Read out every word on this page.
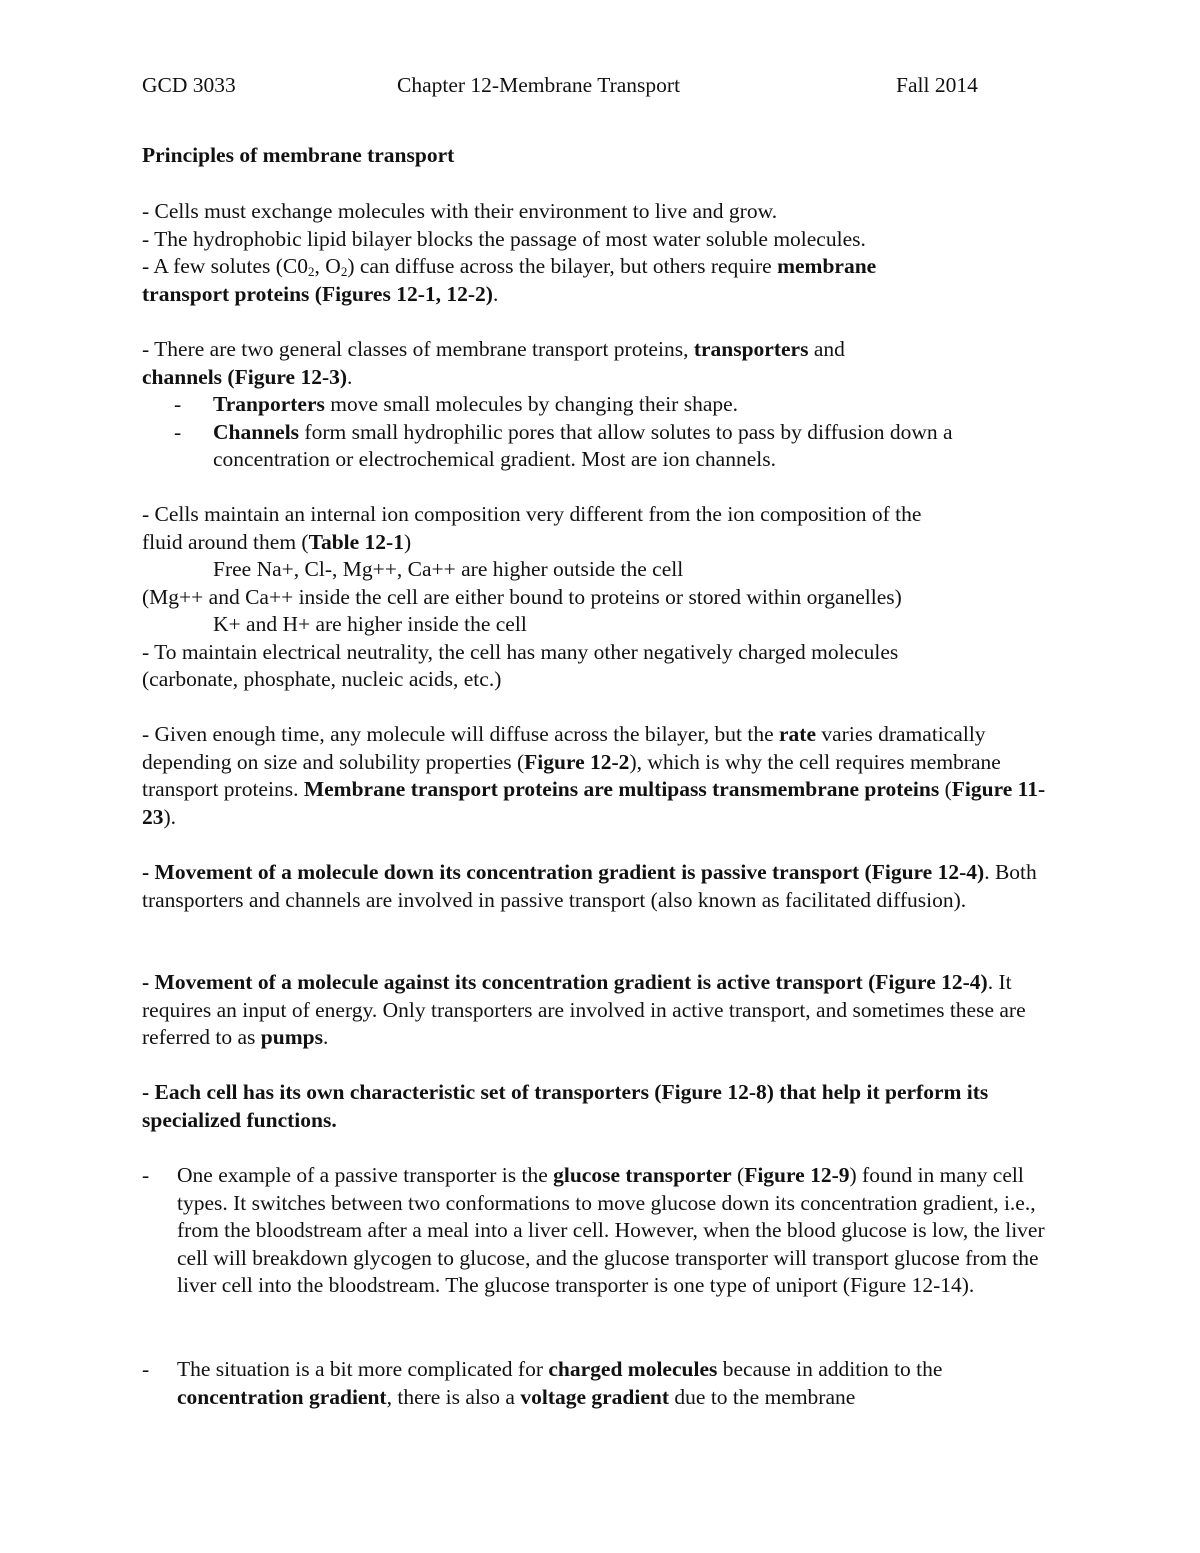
GCD 3033	Chapter 12-Membrane Transport	Fall 2014
Principles of membrane transport

- Cells must exchange molecules with their environment to live and grow.

- The hydrophobic lipid bilayer blocks the passage of most water soluble molecules.

- A few solutes ($C0_2$, $O_2$) can diffuse across the bilayer, but others require membrane

transport proteins (Figures 12-1, 12-2).

- There are two general classes of membrane transport proteins, transporters and

channels (Figure 12-3).

- Tranporters move small molecules by changing their shape.
- Channels form small hydrophilic pores that allow solutes to pass by diffusion down a concentration or electrochemical gradient. Most are ion channels.

- Cells maintain an internal ion composition very different from the ion composition of the

fluid around them (Table 12-1)

Free Na+, Cl-, Mg++, Ca++ are higher outside the cell

(Mg++ and Ca++ inside the cell are either bound to proteins or stored within organelles)

K+ and H+ are higher inside the cell

- To maintain electrical neutrality, the cell has many other negatively charged molecules

(carbonate, phosphate, nucleic acids, etc.)

- Given enough time, any molecule will diffuse across the bilayer, but the rate varies dramatically depending on size and solubility properties (Figure 12-2), which is why the cell requires membrane transport proteins. Membrane transport proteins are multipass transmembrane proteins (Figure 11-23).

- Movement of a molecule down its concentration gradient is passive transport (Figure 12-4). Both transporters and channels are involved in passive transport (also known as facilitated diffusion).

- Movement of a molecule against its concentration gradient is active transport (Figure 12-4). It requires an input of energy. Only transporters are involved in active transport, and sometimes these are referred to as pumps.

- Each cell has its own characteristic set of transporters (Figure 12-8) that help it perform its specialized functions.

- One example of a passive transporter is the glucose transporter (Figure 12-9) found in many cell types. It switches between two conformations to move glucose down its concentration gradient, i.e., from the bloodstream after a meal into a liver cell. However, when the blood glucose is low, the liver cell will breakdown glycogen to glucose, and the glucose transporter will transport glucose from the liver cell into the bloodstream. The glucose transporter is one type of uniport (Figure 12-14).
- The situation is a bit more complicated for charged molecules because in addition to the concentration gradient, there is also a voltage gradient due to the membrane
